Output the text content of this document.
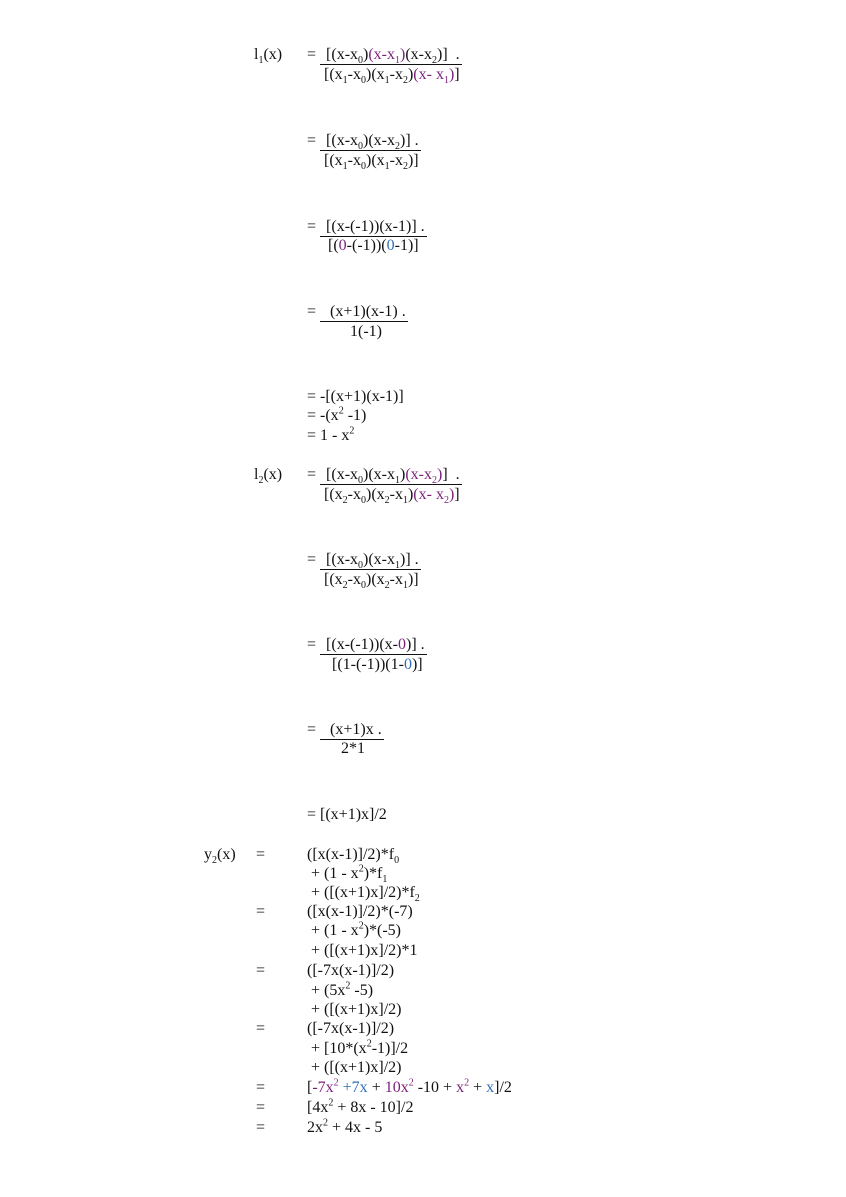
$l_1(x) = [(x-x_0)(x-x_1)(x-x_2)]$  .
[$(x_1-x_0)(x_1-x_2)(x-$ $x_1$)]
=  $[(x-x_0)(x-x_2)]$ .
$[(x_1-x_0)(x_1-x_2)]$
=  [(x-(-1))(x-1)] .
[(0-(-1))(0-1)]
=   (x+1)(x-1) .
1(-1)
= -[(x+1)(x-1)]
= $-(x^2$ -1)
= $1 - x^2$
$l_2(x) = [(x-x_0)(x-x_1)(x-x_2)]$  .
[$(x_2-x_0)(x_2-x_1)(x-$ $x_2$)]
=  $[(x-x_0)(x-x_1)]$ .
$[(x_2-x_0)(x_2-x_1)]$
=  [(x-(-1))(x-0)] .
[(1-(-1))(1-0)]
=   (x+1)x .
2*1
= [(x+1)x]/2
$y_2(x)$ =	$([x(x-1)]/2)*f_0$
+ $(1 - x^2)*f_1$
+ $([(x+1)x]/2)*f_2$
=	([x(x-1)]/2)*(-7)
+ $(1 - x^2)*(-5)$
+ ([(x+1)x]/2)*1
=	([-7x(x-1)]/2)
+ ($5x^2$ -5)
+ ([(x+1)x]/2)
=	([-7x(x-1)]/2)
+ $[10*(x^2-1)]/2$
+ ([(x+1)x]/2)
=	[$-7x^2 +7x + 10x^2$ $-10 + x^2 + x]/2$
=	$[4x^2 + 8x - 10]/2$
=	$2x^2 + 4x - 5$
